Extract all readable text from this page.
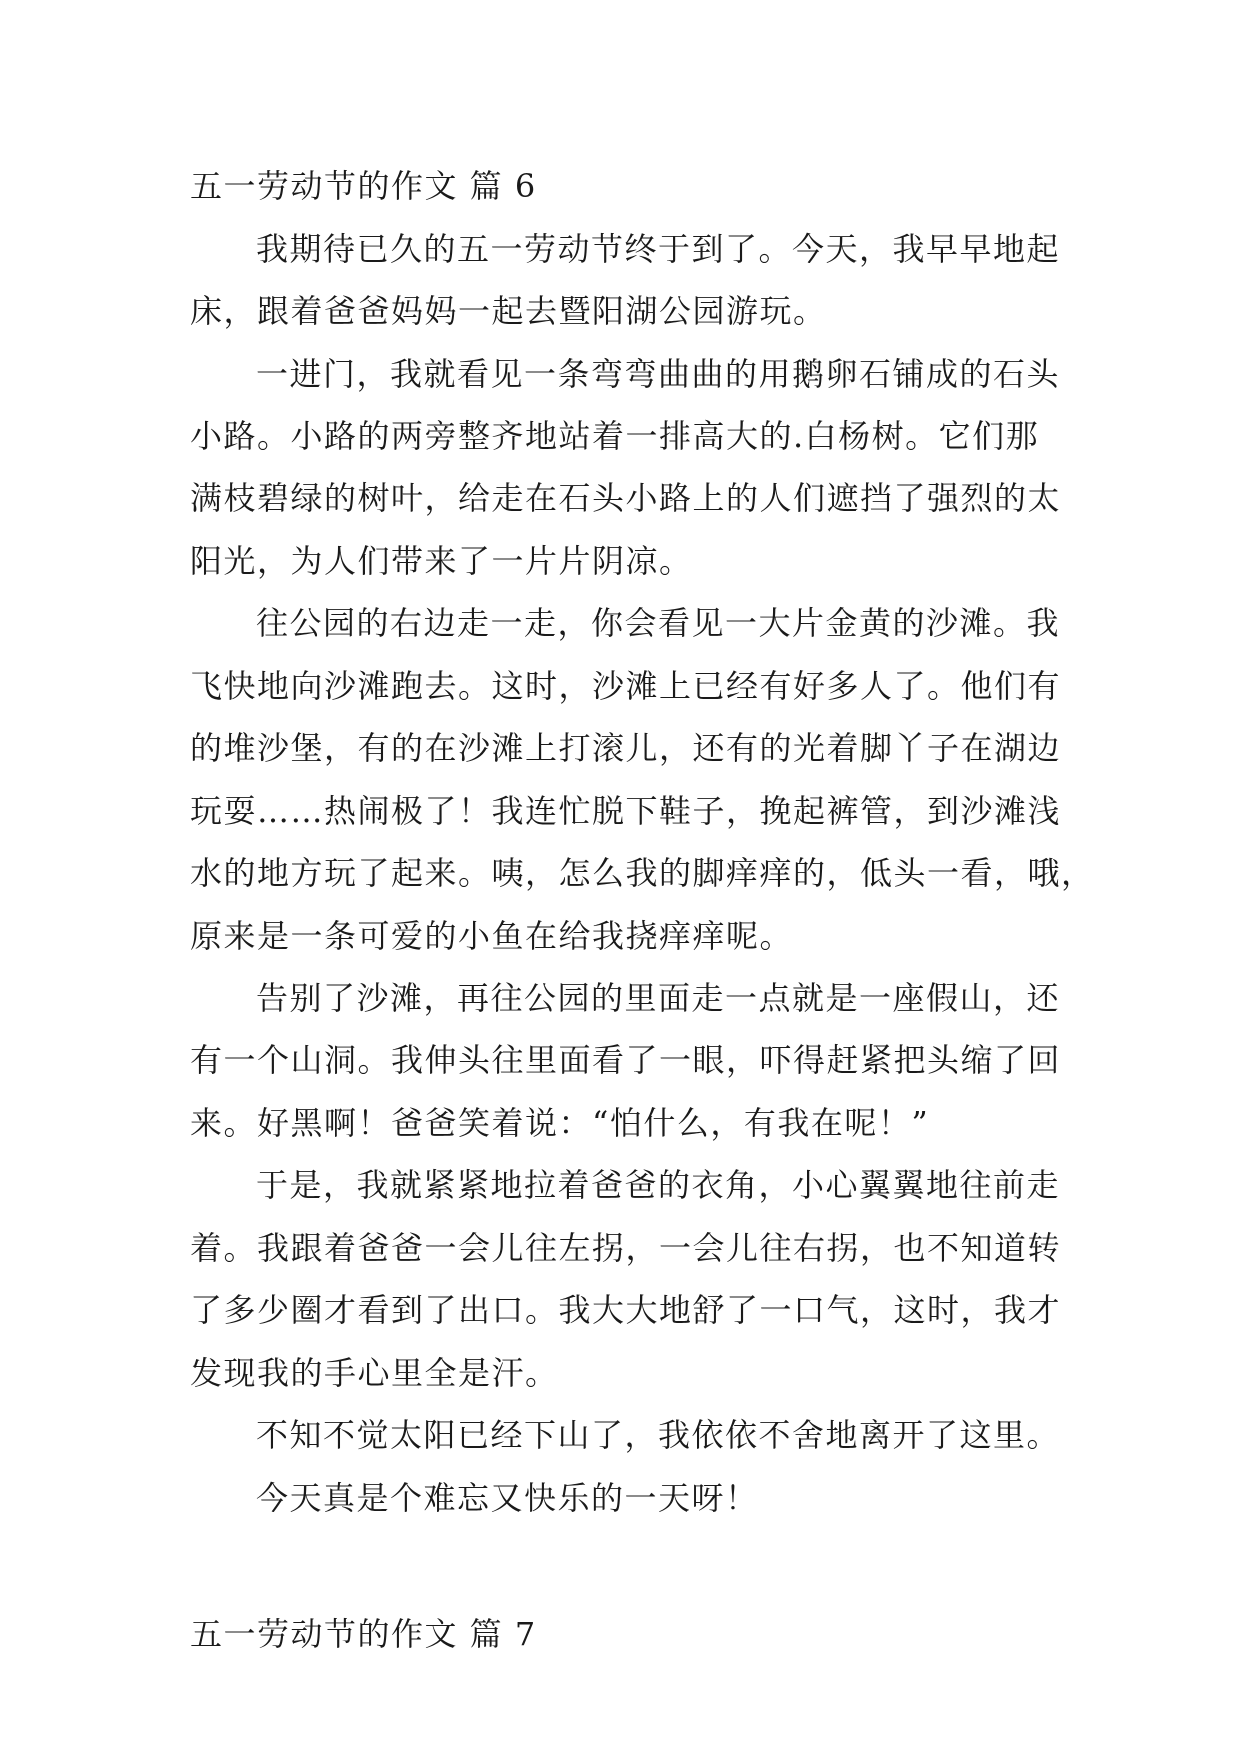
五一劳动节的作文 篇 6
我期待已久的五一劳动节终于到了。今天，我早早地起
床，跟着爸爸妈妈一起去暨阳湖公园游玩。
一进门，我就看见一条弯弯曲曲的用鹅卵石铺成的石头
小路。小路的两旁整齐地站着一排高大的.白杨树。它们那
满枝碧绿的树叶，给走在石头小路上的人们遮挡了强烈的太
阳光，为人们带来了一片片阴凉。
往公园的右边走一走，你会看见一大片金黄的沙滩。我
飞快地向沙滩跑去。这时，沙滩上已经有好多人了。他们有
的堆沙堡，有的在沙滩上打滚儿，还有的光着脚丫子在湖边
玩耍……热闹极了！我连忙脱下鞋子，挽起裤管，到沙滩浅
水的地方玩了起来。咦，怎么我的脚痒痒的，低头一看，哦，
原来是一条可爱的小鱼在给我挠痒痒呢。
告别了沙滩，再往公园的里面走一点就是一座假山，还
有一个山洞。我伸头往里面看了一眼，吓得赶紧把头缩了回
来。好黑啊！爸爸笑着说：“怕什么，有我在呢！”
于是，我就紧紧地拉着爸爸的衣角，小心翼翼地往前走
着。我跟着爸爸一会儿往左拐，一会儿往右拐，也不知道转
了多少圈才看到了出口。我大大地舒了一口气，这时，我才
发现我的手心里全是汗。
不知不觉太阳已经下山了，我依依不舍地离开了这里。
今天真是个难忘又快乐的一天呀！
五一劳动节的作文 篇 7
